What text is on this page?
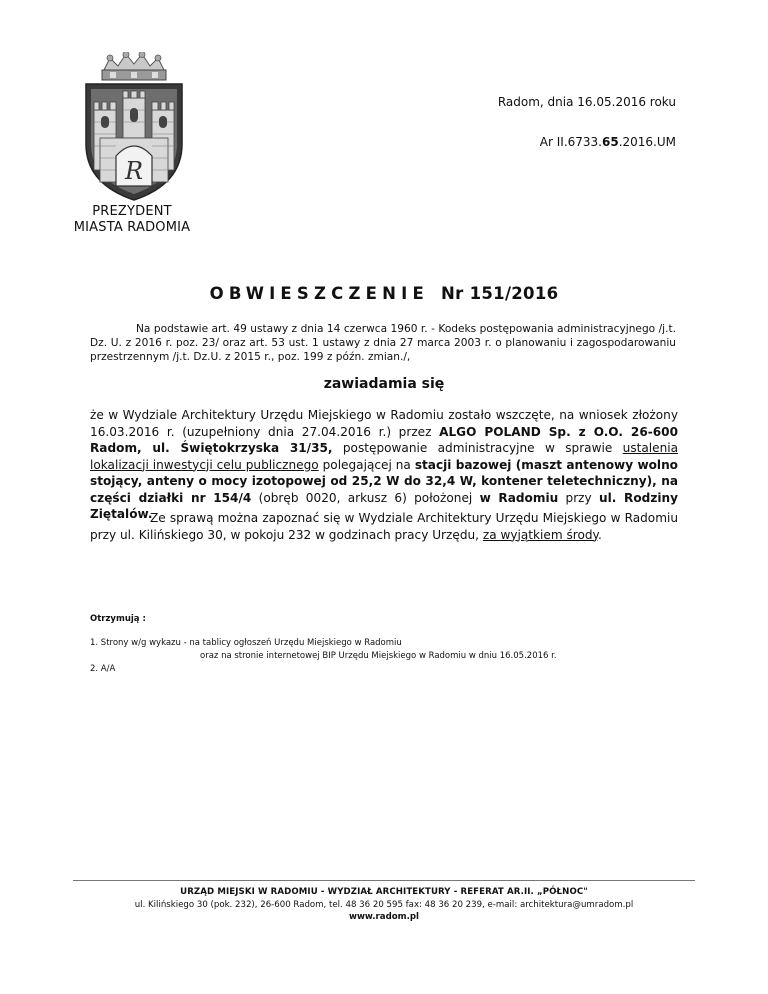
R
PREZYDENT
MIASTA RADOMIA
Radom, dnia 16.05.2016 roku
Ar II.6733.65.2016.UM
OBWIESZCZENIE Nr 151/2016
Na podstawie art. 49 ustawy z dnia 14 czerwca 1960 r. - Kodeks postępowania administracyjnego /j.t. Dz. U. z 2016 r. poz. 23/ oraz art. 53 ust. 1 ustawy z dnia 27 marca 2003 r. o planowaniu i zagospodarowaniu przestrzennym /j.t. Dz.U. z 2015 r., poz. 199 z późn. zmian./,
zawiadamia się
że w Wydziale Architektury Urzędu Miejskiego w Radomiu zostało wszczęte, na wniosek złożony 16.03.2016 r. (uzupełniony dnia 27.04.2016 r.) przez ALGO POLAND Sp. z O.O. 26-600 Radom, ul. Świętokrzyska 31/35, postępowanie administracyjne w sprawie ustalenia lokalizacji inwestycji celu publicznego polegającej na stacji bazowej (maszt antenowy wolno stojący, anteny o mocy izotopowej od 25,2 W do 32,4 W, kontener teletechniczny), na części działki nr 154/4 (obręb 0020, arkusz 6) położonej w Radomiu przy ul. Rodziny Ziętalów.
Ze sprawą można zapoznać się w Wydziale Architektury Urzędu Miejskiego w Radomiu przy ul. Kilińskiego 30, w pokoju 232 w godzinach pracy Urzędu, za wyjątkiem środy.
Otrzymują :
1. Strony w/g wykazu - na tablicy ogłoszeń Urzędu Miejskiego w Radomiu
oraz na stronie internetowej BIP Urzędu Miejskiego w Radomiu w dniu 16.05.2016 r.
2. A/A
URZĄD MIEJSKI W RADOMIU - WYDZIAŁ ARCHITEKTURY - REFERAT AR.II. „PÓŁNOC"
ul. Kilińskiego 30 (pok. 232), 26-600 Radom, tel. 48 36 20 595 fax: 48 36 20 239, e-mail: architektura@umradom.pl
www.radom.pl
